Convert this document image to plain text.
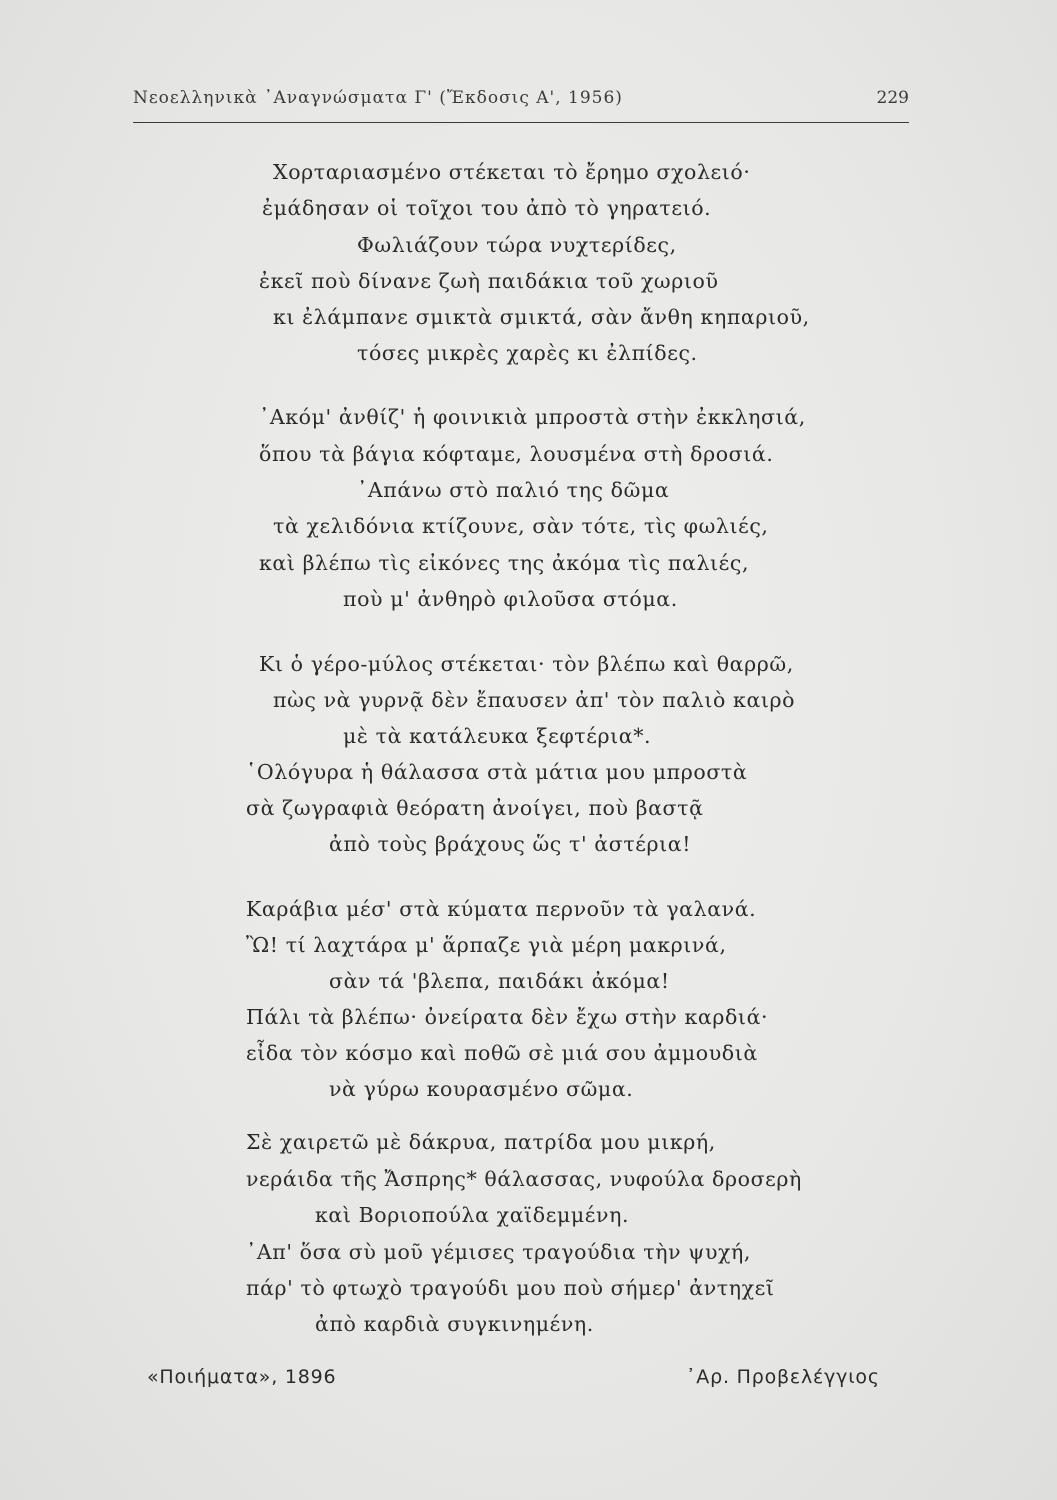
Νεοελληνικὰ ᾿Αναγνώσματα Γ' (Ἔκδοσις Α', 1956)	229
Χορταριασμένο στέκεται τὸ ἔρημο σχολειό·
ἐμάδησαν οἱ τοῖχοι του ἀπὸ τὸ γηρατειό.
Φωλιάζουν τώρα νυχτερίδες,
ἐκεῖ ποὺ δίνανε ζωὴ παιδάκια τοῦ χωριοῦ
κι ἐλάμπανε σμικτὰ σμικτά, σὰν ἄνθη κηπαριοῦ,
τόσες μικρὲς χαρὲς κι ἐλπίδες.
᾿Ακόμ' ἀνθίζ' ἡ φοινικιὰ μπροστὰ στὴν ἐκκλησιά,
ὅπου τὰ βάγια κόφταμε, λουσμένα στὴ δροσιά.
᾿Απάνω στὸ παλιό της δῶμα
τὰ χελιδόνια κτίζουνε, σὰν τότε, τὶς φωλιές,
καὶ βλέπω τὶς εἰκόνες της ἀκόμα τὶς παλιές,
ποὺ μ' ἀνθηρὸ φιλοῦσα στόμα.
Κι ὁ γέρο-μύλος στέκεται· τὸν βλέπω καὶ θαρρῶ,
πὼς νὰ γυρνᾷ δὲν ἔπαυσεν ἀπ' τὸν παλιὸ καιρὸ
μὲ τὰ κατάλευκα ξεφτέρια*.
῾Ολόγυρα ἡ θάλασσα στὰ μάτια μου μπροστὰ
σὰ ζωγραφιὰ θεόρατη ἀνοίγει, ποὺ βαστᾷ
ἀπὸ τοὺς βράχους ὥς τ' ἀστέρια!
Καράβια μέσ' στὰ κύματα περνοῦν τὰ γαλανά.
Ὢ! τί λαχτάρα μ' ἅρπαζε γιὰ μέρη μακρινά,
σὰν τά 'βλεπα, παιδάκι ἀκόμα!
Πάλι τὰ βλέπω· ὀνείρατα δὲν ἔχω στὴν καρδιά·
εἶδα τὸν κόσμο καὶ ποθῶ σὲ μιά σου ἀμμουδιὰ
νὰ γύρω κουρασμένο σῶμα.
Σὲ χαιρετῶ μὲ δάκρυα, πατρίδα μου μικρή,
νεράιδα τῆς Ἄσπρης* θάλασσας, νυφούλα δροσερὴ
καὶ Βοριοπούλα χαϊδεμμένη.
᾿Απ' ὅσα σὺ μοῦ γέμισες τραγούδια τὴν ψυχή,
πάρ' τὸ φτωχὸ τραγούδι μου ποὺ σήμερ' ἀντηχεῖ
ἀπὸ καρδιὰ συγκινημένη.
«Ποιήματα», 1896	᾿Αρ. Προβελέγγιος
